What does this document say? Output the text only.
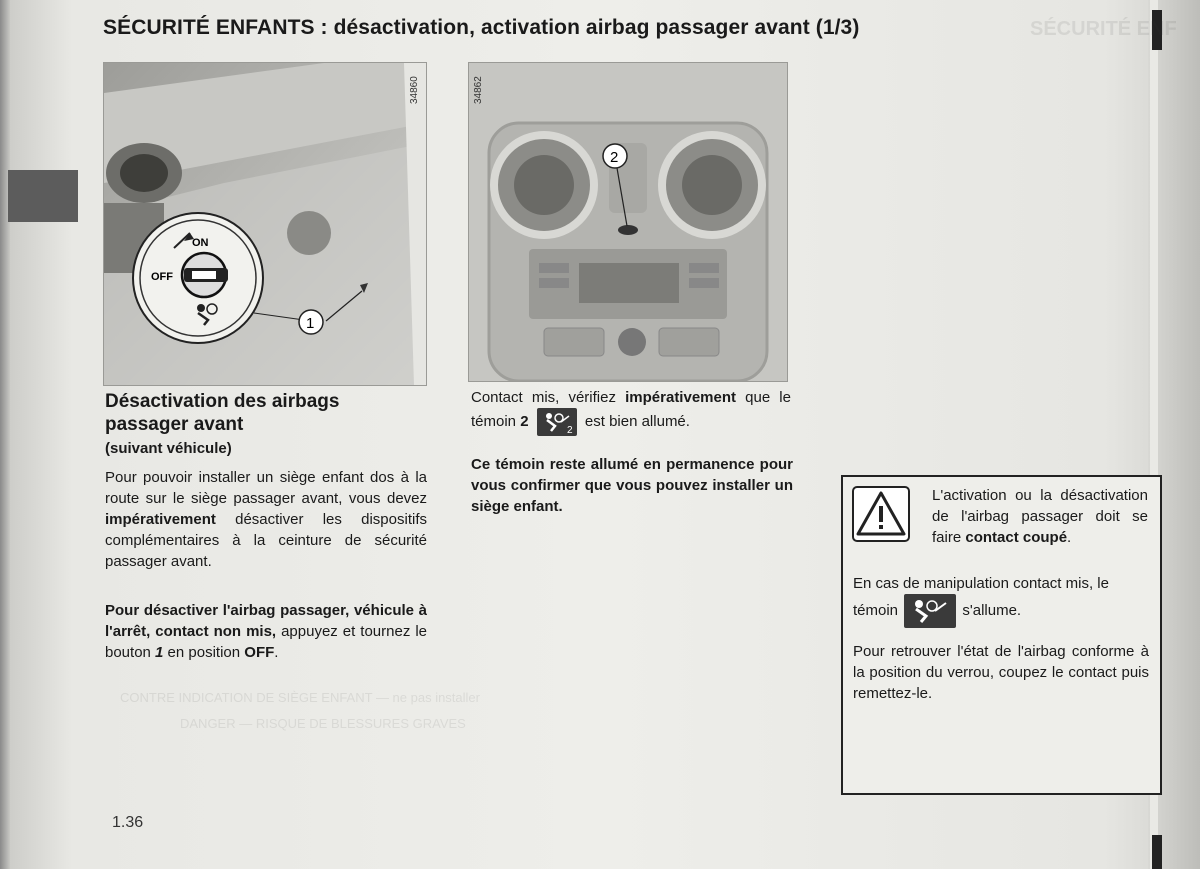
SÉCURITÉ ENF
CONTRE INDICATION DE SIÈGE ENFANT — ne pas installer
DANGER — RISQUE DE BLESSURES GRAVES
SÉCURITÉ ENFANTS : désactivation, activation airbag passager avant (1/3)
ON
OFF
1
34860
2
34862
Désactivation des airbags passager avant
(suivant véhicule)
Pour pouvoir installer un siège enfant dos à la route sur le siège passager avant, vous devez impérativement désactiver les dispositifs complémentaires à la ceinture de sécurité passager avant.
Pour désactiver l'airbag passager, véhicule à l'arrêt, contact non mis, appuyez et tournez le bouton 1 en position OFF.
Contact mis, vérifiez impérativement que le témoin 2
2
est bien allumé.
Ce témoin reste allumé en permanence pour vous confirmer que vous pouvez installer un siège enfant.
L'activation ou la désactivation de l'airbag passager doit se faire contact coupé.
En cas de manipulation contact mis, le témoin	s'allume.
Pour retrouver l'état de l'airbag conforme à la position du verrou, coupez le contact puis remettez-le.
1.36
